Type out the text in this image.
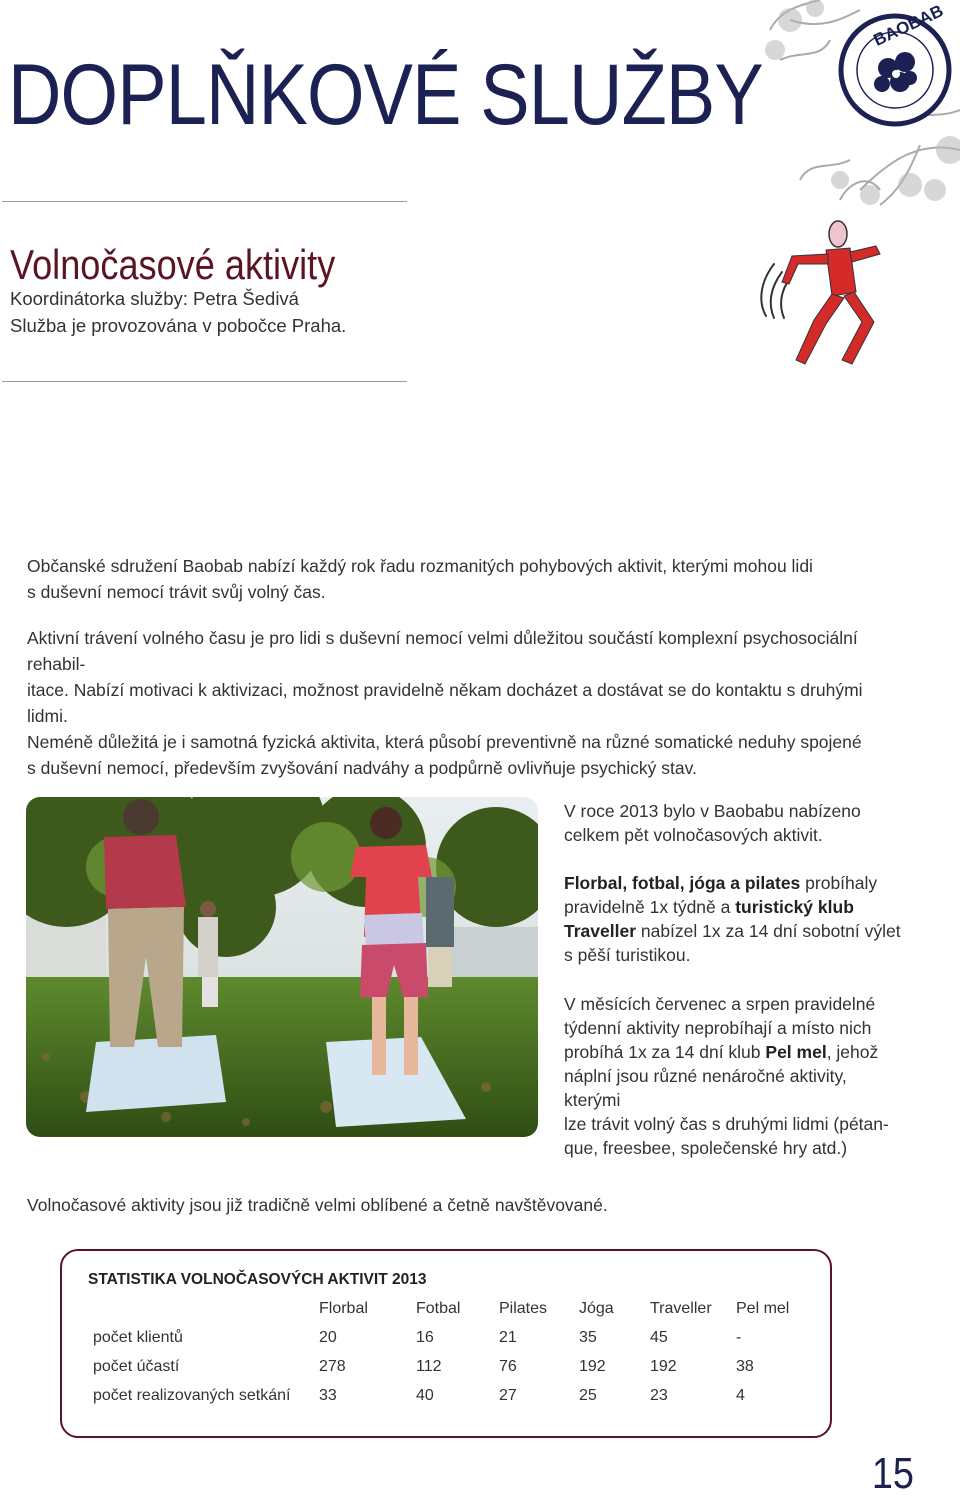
DOPLŇKOVÉ SLUŽBY
BAOBAB
Volnočasové aktivity
Koordinátorka služby: Petra Šedivá
Služba je provozována v pobočce Praha.

Občanské sdružení Baobab nabízí každý rok řadu rozmanitých pohybových aktivit, kterými mohou lidi
s duševní nemocí trávit svůj volný čas.

Aktivní trávení volného času je pro lidi s duševní nemocí velmi důležitou součástí komplexní psychosociální rehabil-
itace. Nabízí motivaci k aktivizaci, možnost pravidelně někam docházet a dostávat se do kontaktu s druhými lidmi.
Neméně důležitá je i samotná fyzická aktivita, která působí preventivně na různé somatické neduhy spojené
s duševní nemocí, především zvyšování nadváhy a podpůrně ovlivňuje psychický stav.

V roce 2013 bylo v Baobabu nabízeno
celkem pět volnočasových aktivit.

Florbal, fotbal, jóga a pilates probíhaly
pravidelně 1x týdně a turistický klub
Traveller nabízel 1x za 14 dní sobotní výlet
s pěší turistikou.

V měsících červenec a srpen pravidelné
týdenní aktivity neprobíhají a místo nich
probíhá 1x za 14 dní klub Pel mel, jehož
náplní jsou různé nenáročné aktivity, kterými
lze trávit volný čas s druhými lidmi (pétan-
que, freesbee, společenské hry atd.)

Volnočasové aktivity jsou již tradičně velmi oblíbené a četně navštěvované.

STATISTIKA VOLNOČASOVÝCH AKTIVIT 2013
	Florbal	Fotbal	Pilates	Jóga	Traveller	Pel mel
počet klientů	20	16	21	35	45	-
počet účastí	278	112	76	192	192	38
počet realizovaných setkání	33	40	27	25	23	4
15
